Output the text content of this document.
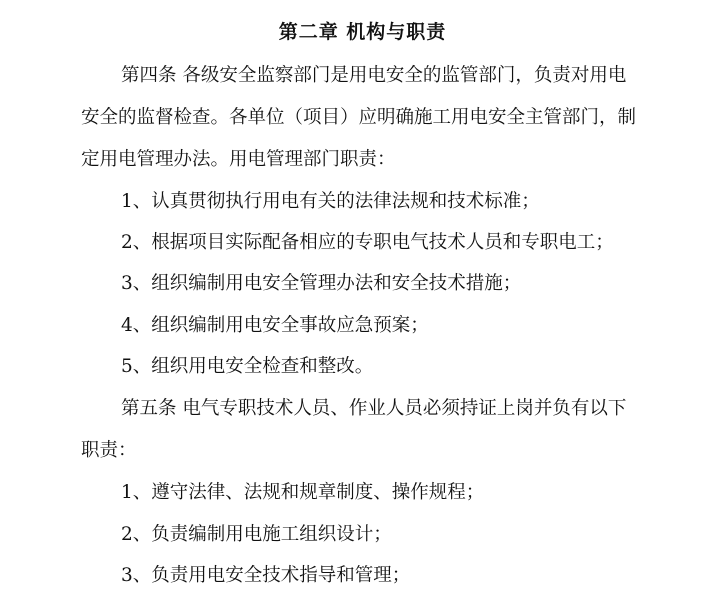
第二章 机构与职责
第四条 各级安全监察部门是用电安全的监管部门，负责对用电
安全的监督检查。各单位（项目）应明确施工用电安全主管部门，制
定用电管理办法。用电管理部门职责：
1、认真贯彻执行用电有关的法律法规和技术标准；
2、根据项目实际配备相应的专职电气技术人员和专职电工；
3、组织编制用电安全管理办法和安全技术措施；
4、组织编制用电安全事故应急预案；
5、组织用电安全检查和整改。
第五条 电气专职技术人员、作业人员必须持证上岗并负有以下
职责：
1、遵守法律、法规和规章制度、操作规程；
2、负责编制用电施工组织设计；
3、负责用电安全技术指导和管理；
